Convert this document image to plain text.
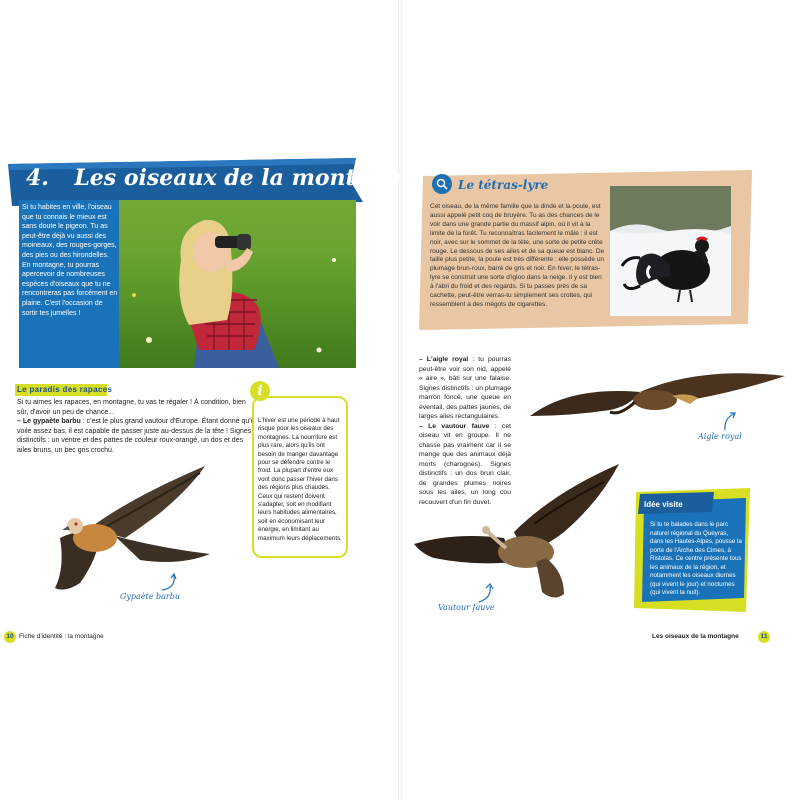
4. Les oiseaux de la montagne
Si tu habites en ville, l'oiseau que tu connais le mieux est sans doute le pigeon. Tu as peut-être déjà vu aussi des moineaux, des rouges-gorges, des pies ou des hirondelles. En montagne, tu pourras apercevoir de nombreuses espèces d'oiseaux que tu ne rencontreras pas forcément en plaine. C'est l'occasion de sortir tes jumelles !
Le paradis des rapaces
Si tu aimes les rapaces, en montagne, tu vas te régaler ! À condition, bien sûr, d'avoir un peu de chance...
– Le gypaète barbu : c'est le plus grand vautour d'Europe. Étant donné qu'il voile assez bas, il est capable de passer juste au-dessus de la tête ! Signes distinctifs : un ventre et des pattes de couleur roux-orangé, un dos et des ailes bruns, un bec gris crochu.
i
L'hiver est une période à haut risque pour les oiseaux des montagnes. La nourriture est plus rare, alors qu'ils ont besoin de manger davantage pour se défendre contre le froid. La plupart d'entre eux vont donc passer l'hiver dans des régions plus chaudes. Ceux qui restent doivent s'adapter, soit en modifiant leurs habitudes alimentaires, soit en économisant leur énergie, en limitant au maximum leurs déplacements.
Gypaète barbu
10 Fiche d'identité : la montagne
Le tétras-lyre
Cet oiseau, de la même famille que la dinde et la poule, est aussi appelé petit coq de bruyère. Tu as des chances de le voir dans une grande partie du massif alpin, où il vit à la limite de la forêt. Tu reconnaîtras facilement le mâle : il est noir, avec sur le sommet de la tête, une sorte de petite crête rouge. Le dessous de ses ailes et de sa queue est blanc. De taille plus petite, la poule est très différente : elle possède un plumage brun-roux, barré de gris et noir. En hiver, le tétras-lyre se construit une sorte d'igloo dans la neige. Il y est bien à l'abri du froid et des regards. Si tu passes près de sa cachette, peut-être verras-tu simplement ses crottes, qui ressemblent à des mégots de cigarettes.
– L'aigle royal : tu pourras peut-être voir son nid, appelé « aire », bâti sur une falaise. Signes distinctifs : un plumage marron foncé, une queue en éventail, des pattes jaunes, de larges ailes rectangulaires.
– Le vautour fauve : cet oiseau vit en groupe. Il ne chasse pas vraiment car il se mange que des animaux déjà morts (charognes). Signes distinctifs : un dos brun clair, de grandes plumes noires sous les ailes, un long cou recouvert d'un fin duvet.
Aigle royal
Vautour fauve
Idée visite
Si tu te balades dans le parc naturel régional du Queyras, dans les Hautes-Alpes, pousse la porte de l'Arche des Cimes, à Ristolas. Ce centre présente tous les animaux de la région, et notamment les oiseaux diurnes (qui vivent le jour) et nocturnes (qui vivent la nuit).
Les oiseaux de la montagne	11
